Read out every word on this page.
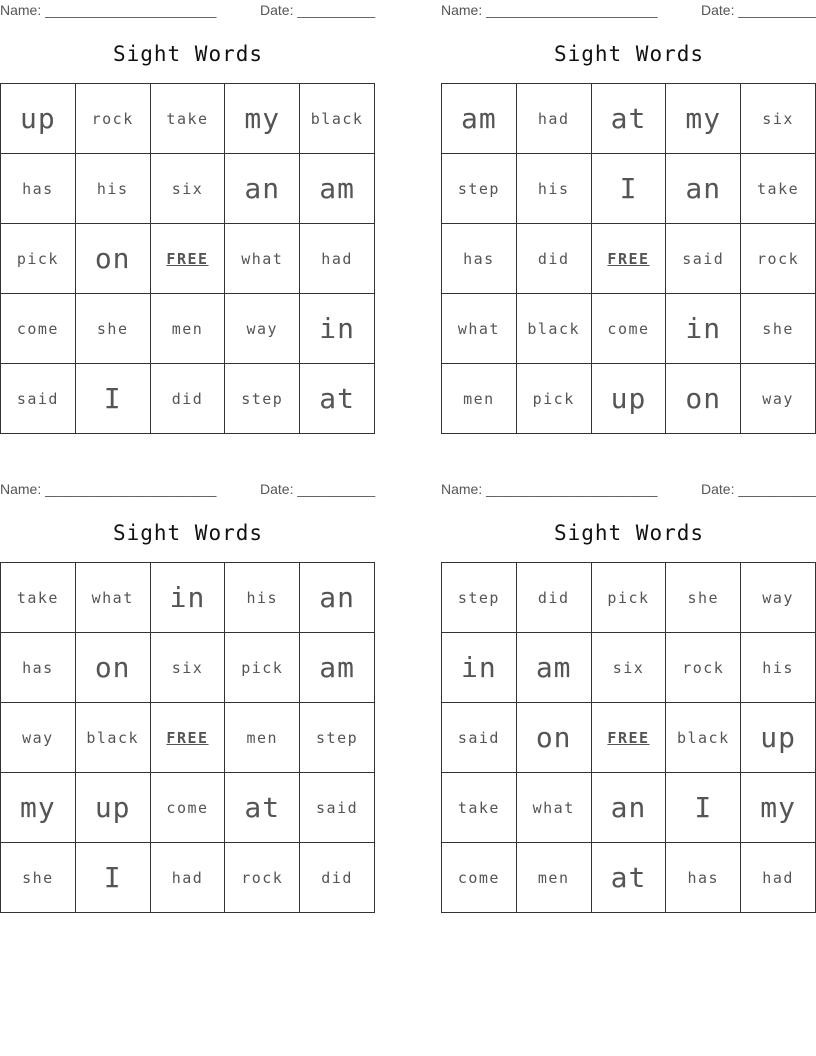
Name: ______________________	Date: __________
Sight Words
up	rock	take	my	black
has	his	six	an	am
pick	on	FREE	what	had
come	she	men	way	in
said	I	did	step	at
Name: ______________________	Date: __________
Sight Words
am	had	at	my	six
step	his	I	an	take
has	did	FREE	said	rock
what	black	come	in	she
men	pick	up	on	way
Name: ______________________	Date: __________
Sight Words
take	what	in	his	an
has	on	six	pick	am
way	black	FREE	men	step
my	up	come	at	said
she	I	had	rock	did
Name: ______________________	Date: __________
Sight Words
step	did	pick	she	way
in	am	six	rock	his
said	on	FREE	black	up
take	what	an	I	my
come	men	at	has	had
